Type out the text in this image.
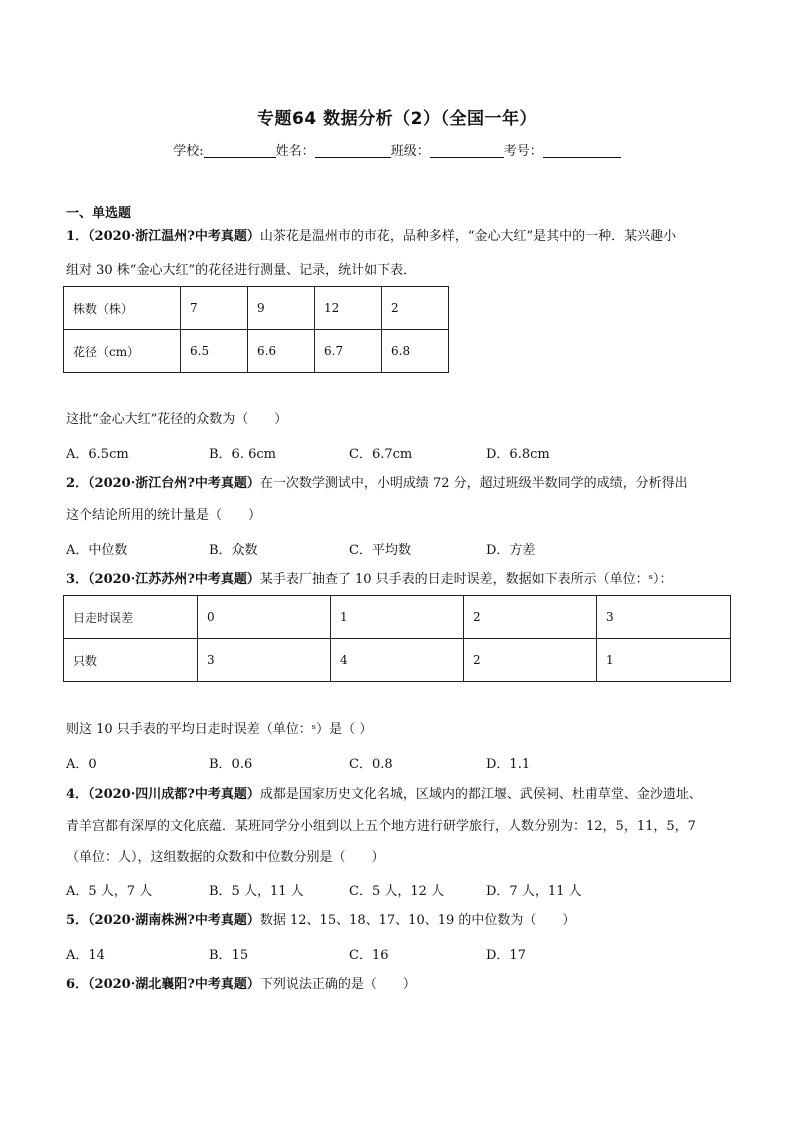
专题64 数据分析（2）（全国一年）
学校:	姓名：	班级：	考号：
一、单选题
1．（2020·浙江温州?中考真题）山茶花是温州市的市花，品种多样，“金心大红”是其中的一种．某兴趣小
组对 30 株“金心大红”的花径进行测量、记录，统计如下表．
株数（株）	7	9	12	2
花径（cm）	6.5	6.6	6.7	6.8
这批“金心大红”花径的众数为（　　）
A．6.5cm	B．6. 6cm	C．6.7cm	D．6.8cm
2．（2020·浙江台州?中考真题）在一次数学测试中，小明成绩 72 分，超过班级半数同学的成绩，分析得出
这个结论所用的统计量是（　　）
A．中位数	B．众数	C．平均数	D．方差
3．（2020·江苏苏州?中考真题）某手表厂抽查了 10 只手表的日走时误差，数据如下表所示（单位：ˢ）：
日走时误差	0	1	2	3
只数	3	4	2	1
则这 10 只手表的平均日走时误差（单位：ˢ）是（ ）
A．0	B．0.6	C．0.8	D．1.1
4．（2020·四川成都?中考真题）成都是国家历史文化名城，区域内的都江堰、武侯祠、杜甫草堂、金沙遗址、
青羊宫都有深厚的文化底蕴．某班同学分小组到以上五个地方进行研学旅行，人数分别为：12，5，11，5，7
（单位：人），这组数据的众数和中位数分别是（　　）
A．5 人，7 人	B．5 人，11 人	C．5 人，12 人	D．7 人，11 人
5．（2020·湖南株洲?中考真题）数据 12、15、18、17、10、19 的中位数为（　　）
A．14	B．15	C．16	D．17
6．（2020·湖北襄阳?中考真题）下列说法正确的是（　　）
